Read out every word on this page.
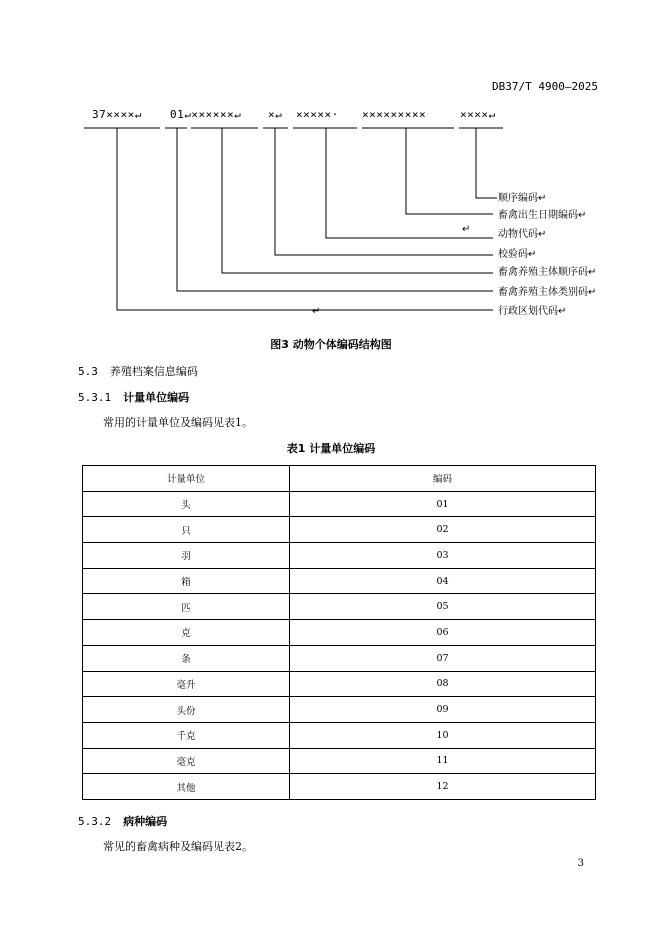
DB37/T 4900—2025
37××××↵	01↵××××××↵ ×↵ ×××××· ×××××××××	××××↵
顺序编码↵
畜禽出生日期编码↵
动物代码↵
校验码↵
畜禽养殖主体顺序码↵
畜禽养殖主体类别码↵
行政区划代码↵
↵
↵
图3 动物个体编码结构图
5.3 养殖档案信息编码
5.3.1 计量单位编码
常用的计量单位及编码见表1。
表1 计量单位编码
计量单位	编码
头	01
只	02
羽	03
箱	04
匹	05
克	06
条	07
毫升	08
头份	09
千克	10
毫克	11
其他	12
5.3.2 病种编码
常见的畜禽病种及编码见表2。
3
